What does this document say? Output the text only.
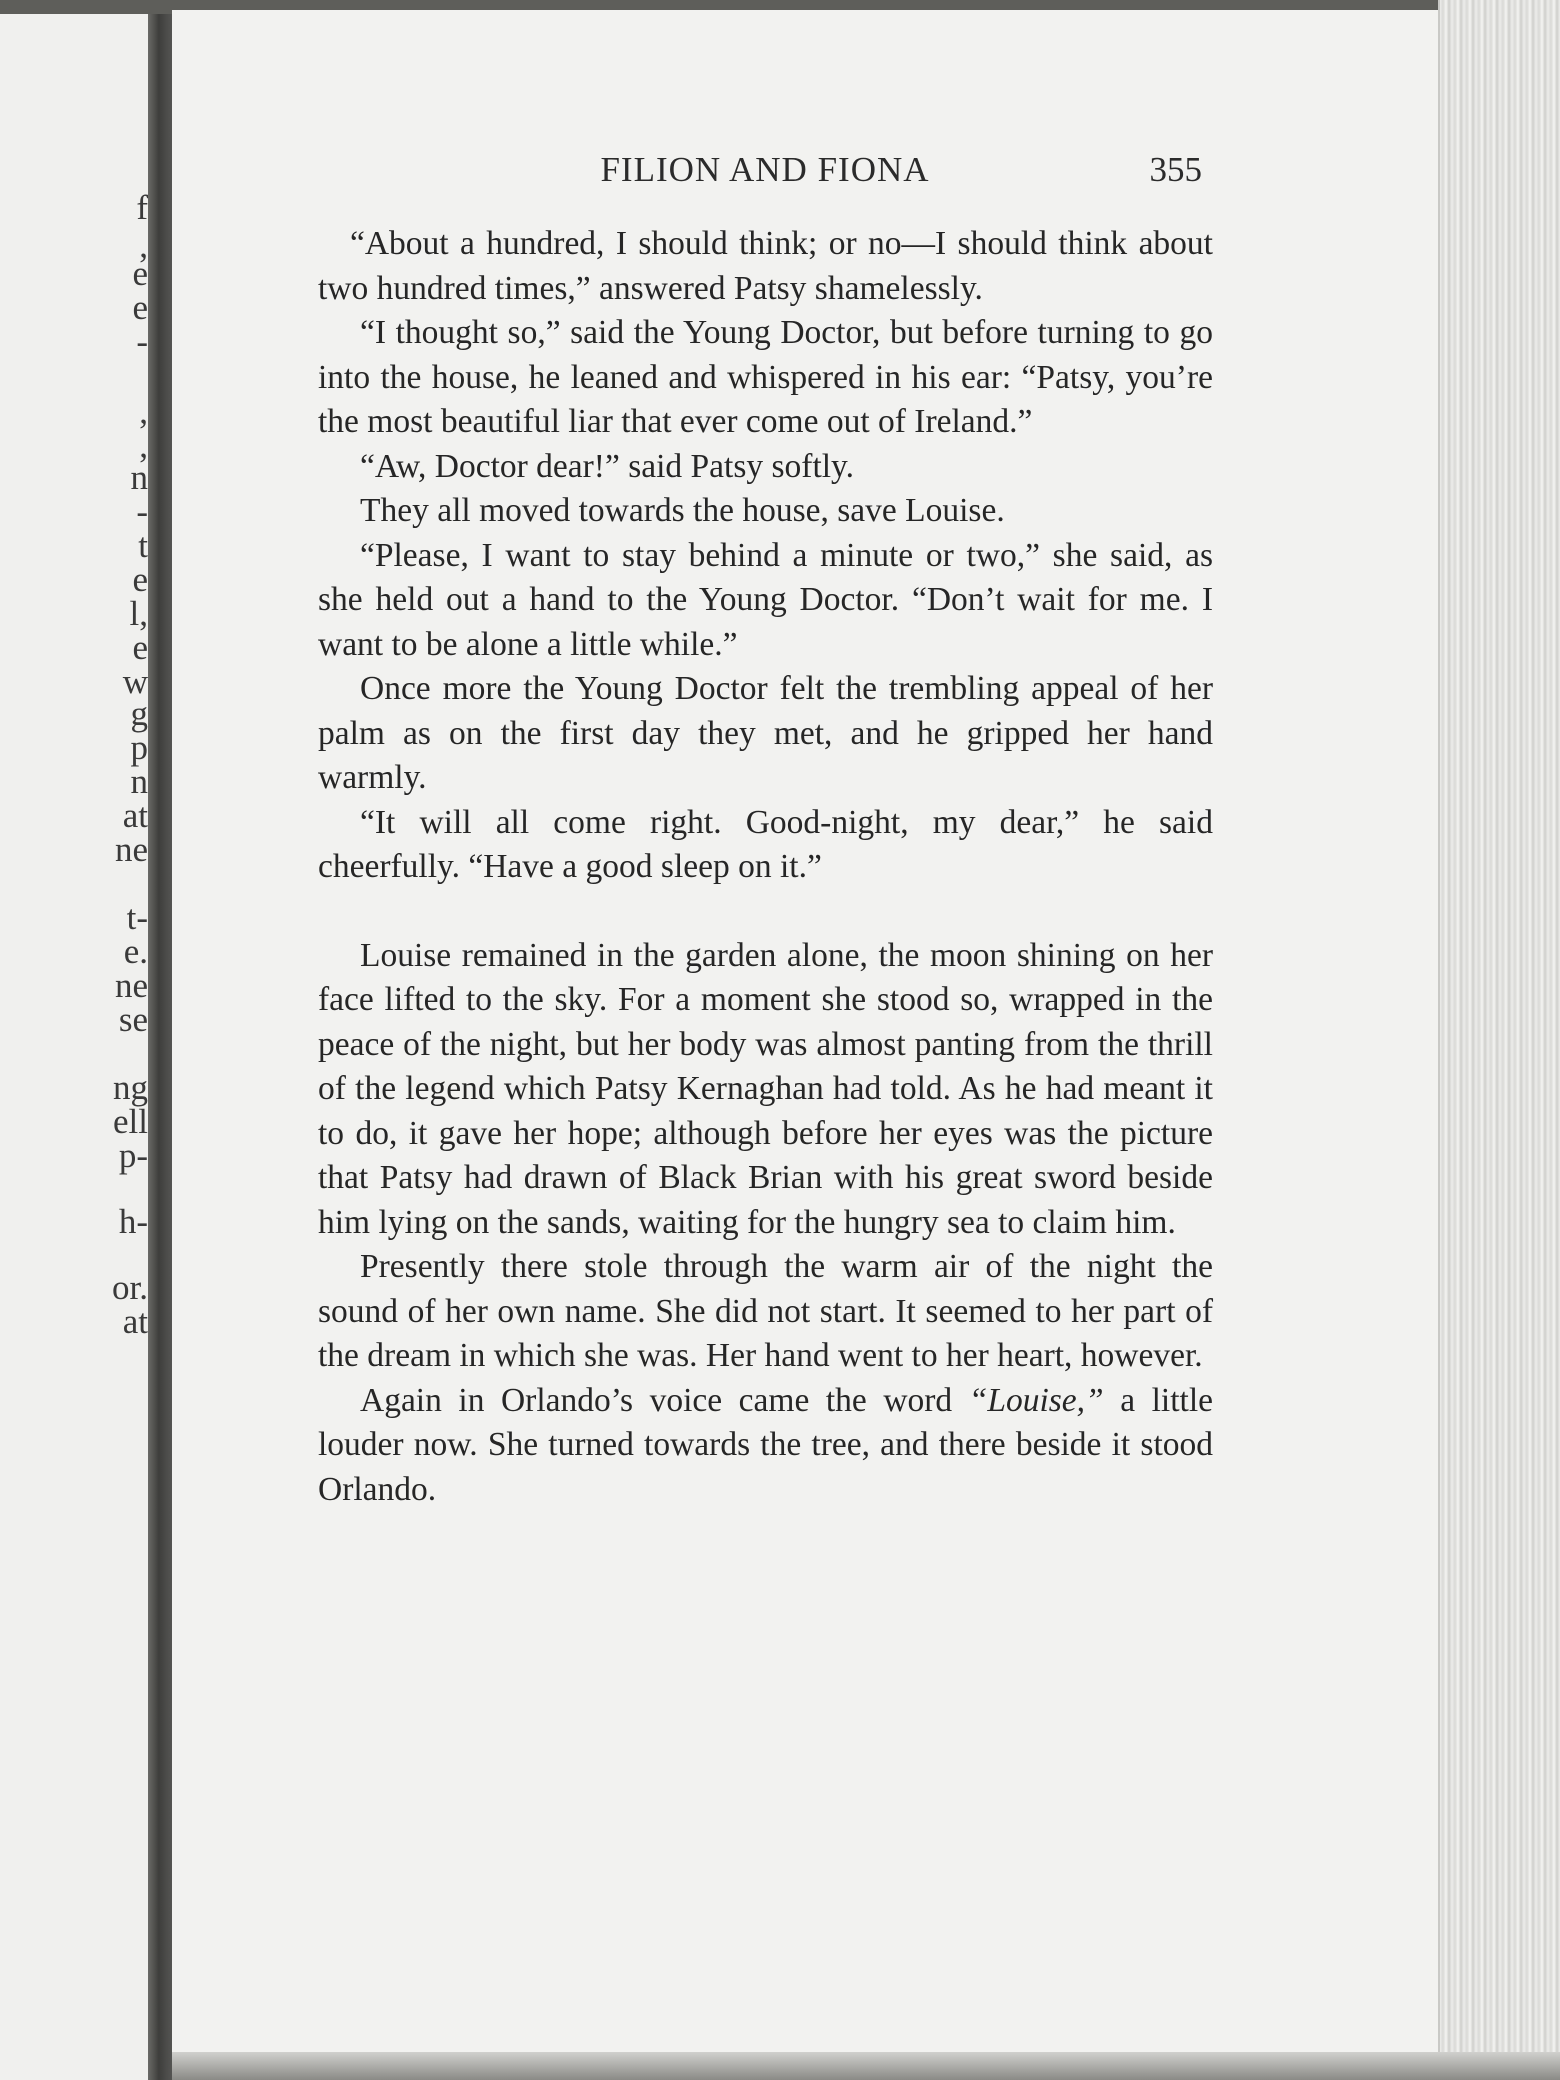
f
,
e
e
-
,
,
n
-
t
e
l,
e
w
g
p
n
at
ne
t-
e.
ne
se
ng
ell
p-
h-
or.
at
FILION AND FIONA	355

“About a hundred, I should think; or no—I should think about two hundred times,” answered Patsy shamelessly.

“I thought so,” said the Young Doctor, but before turning to go into the house, he leaned and whispered in his ear: “Patsy, you’re the most beautiful liar that ever come out of Ireland.”

“Aw, Doctor dear!” said Patsy softly.

They all moved towards the house, save Louise.

“Please, I want to stay behind a minute or two,” she said, as she held out a hand to the Young Doctor. “Don’t wait for me. I want to be alone a little while.”

Once more the Young Doctor felt the trembling appeal of her palm as on the first day they met, and he gripped her hand warmly.

“It will all come right. Good-night, my dear,” he said cheerfully. “Have a good sleep on it.”

Louise remained in the garden alone, the moon shining on her face lifted to the sky. For a moment she stood so, wrapped in the peace of the night, but her body was almost panting from the thrill of the legend which Patsy Kernaghan had told. As he had meant it to do, it gave her hope; although before her eyes was the picture that Patsy had drawn of Black Brian with his great sword beside him lying on the sands, waiting for the hungry sea to claim him.

Presently there stole through the warm air of the night the sound of her own name. She did not start. It seemed to her part of the dream in which she was. Her hand went to her heart, however.

Again in Orlando’s voice came the word “Louise,” a little louder now. She turned towards the tree, and there beside it stood Orlando.
